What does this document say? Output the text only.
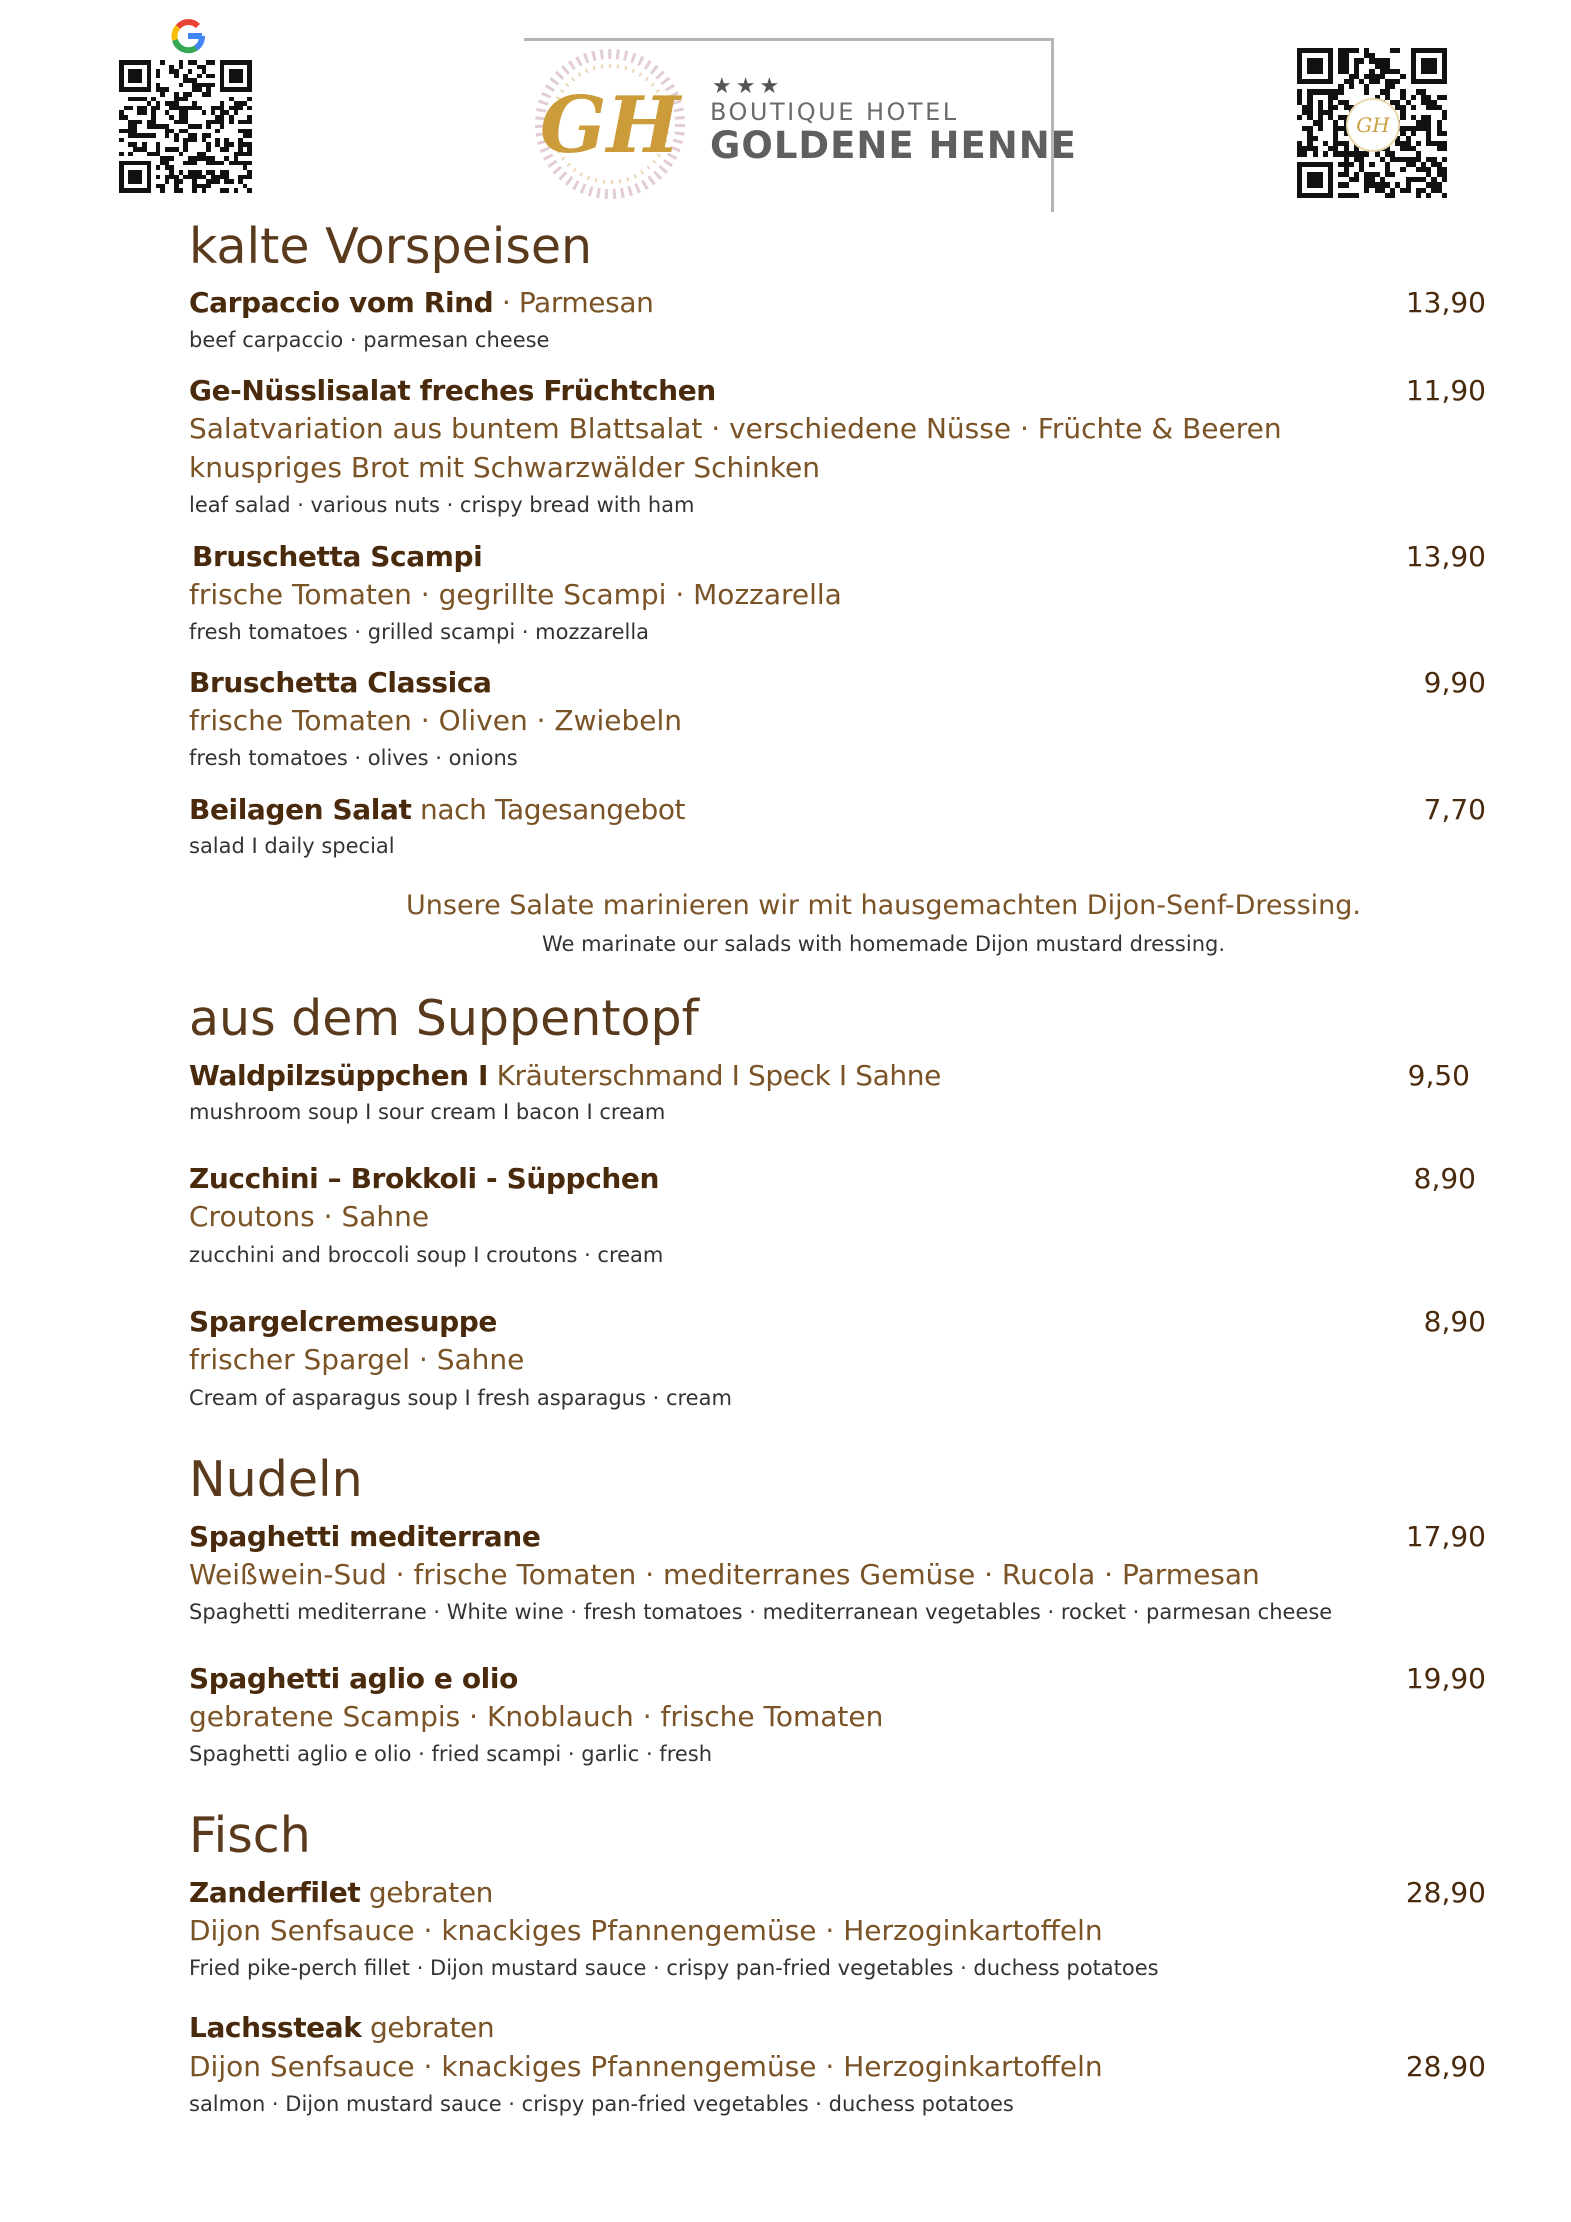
GH
GH ★★★
BOUTIQUE HOTEL
GOLDENE HENNE
kalte Vorspeisen
Carpaccio vom Rind · Parmesan	13,90
beef carpaccio · parmesan cheese
Ge-Nüsslisalat freches Früchtchen	11,90
Salatvariation aus buntem Blattsalat · verschiedene Nüsse · Früchte & Beeren
knuspriges Brot mit Schwarzwälder Schinken
leaf salad · various nuts · crispy bread with ham
Bruschetta Scampi	13,90
frische Tomaten · gegrillte Scampi · Mozzarella
fresh tomatoes · grilled scampi · mozzarella
Bruschetta Classica	9,90
frische Tomaten · Oliven · Zwiebeln
fresh tomatoes · olives · onions
Beilagen Salat nach Tagesangebot	7,70
salad I daily special
Unsere Salate marinieren wir mit hausgemachten Dijon-Senf-Dressing.
We marinate our salads with homemade Dijon mustard dressing.
aus dem Suppentopf
Waldpilzsüppchen I Kräuterschmand I Speck I Sahne	9,50
mushroom soup I sour cream I bacon I cream
Zucchini – Brokkoli - Süppchen	8,90
Croutons · Sahne
zucchini and broccoli soup I croutons · cream
Spargelcremesuppe	8,90
frischer Spargel · Sahne
Cream of asparagus soup I fresh asparagus · cream
Nudeln
Spaghetti mediterrane	17,90
Weißwein-Sud · frische Tomaten · mediterranes Gemüse · Rucola · Parmesan
Spaghetti mediterrane · White wine · fresh tomatoes · mediterranean vegetables · rocket · parmesan cheese
Spaghetti aglio e olio	19,90
gebratene Scampis · Knoblauch · frische Tomaten
Spaghetti aglio e olio · fried scampi · garlic · fresh
Fisch
Zanderfilet gebraten	28,90
Dijon Senfsauce · knackiges Pfannengemüse · Herzoginkartoffeln
Fried pike-perch fillet · Dijon mustard sauce · crispy pan-fried vegetables · duchess potatoes
Lachssteak gebraten
Dijon Senfsauce · knackiges Pfannengemüse · Herzoginkartoffeln	28,90
salmon · Dijon mustard sauce · crispy pan-fried vegetables · duchess potatoes
